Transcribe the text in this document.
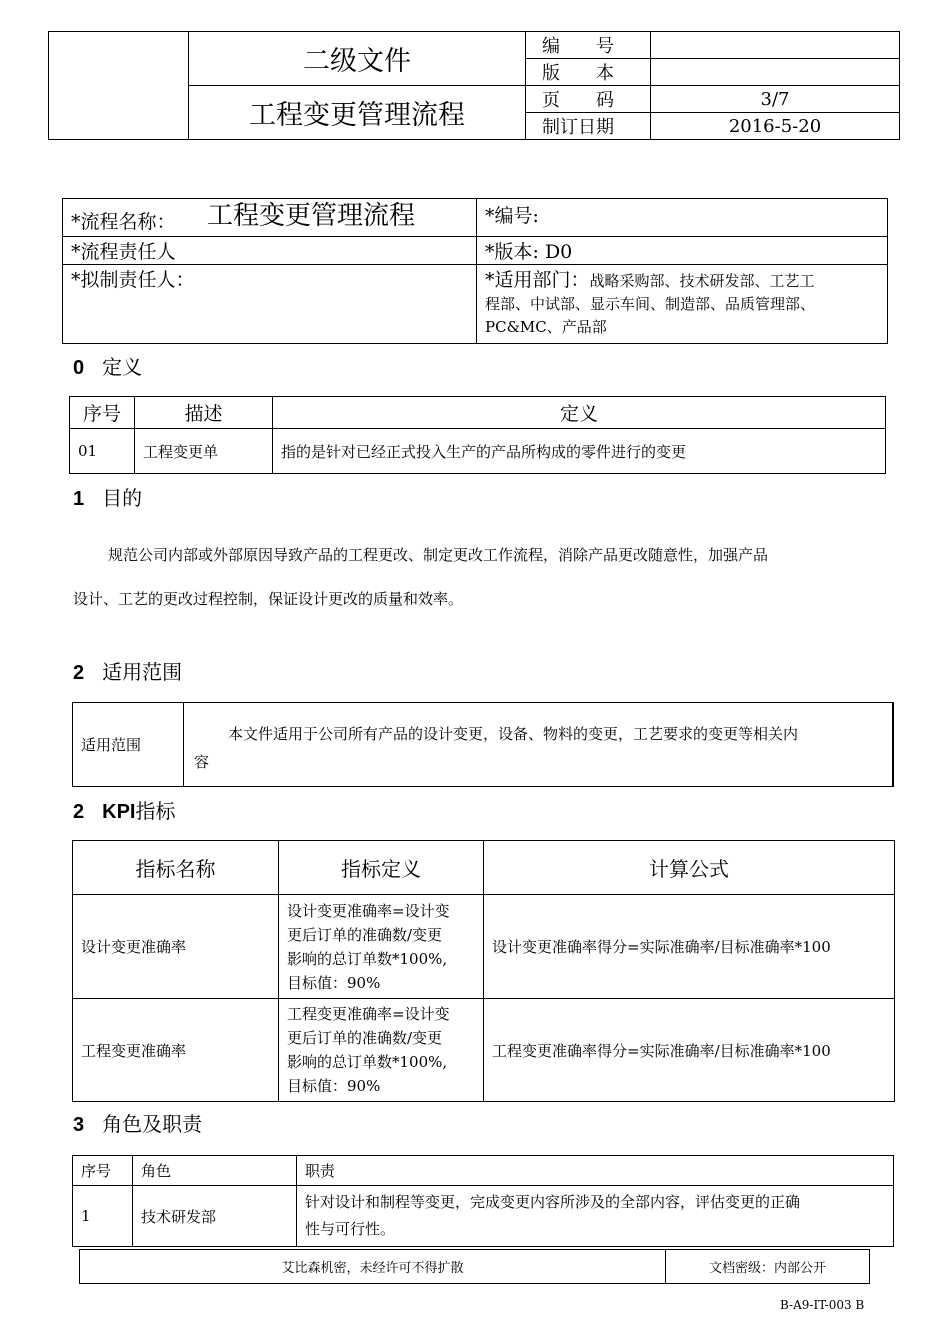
	二级文件	编　　号	
		版　　本	
	工程变更管理流程	页　　码	3/7
		制订日期	2016-5-20
*流程名称： 工程变更管理流程	*编号:
*流程责任人	*版本: D0
*拟制责任人：	*适用部门：战略采购部、技术研发部、工艺工
程部、中试部、显示车间、制造部、品质管理部、
PC&MC、产品部
0 定义
序号	描述	定义
01	工程变更单	指的是针对已经正式投入生产的产品所构成的零件进行的变更
1 目的
规范公司内部或外部原因导致产品的工程更改、制定更改工作流程，消除产品更改随意性，加强产品
设计、工艺的更改过程控制，保证设计更改的质量和效率。
2 适用范围
适用范围	
本文件适用于公司所有产品的设计变更，设备、物料的变更，工艺要求的变更等相关内
容
2 KPI指标
指标名称	指标定义	计算公式
设计变更准确率	设计变更准确率=设计变
更后订单的准确数/变更
影响的总订单数*100%,
目标值：90%	设计变更准确率得分=实际准确率/目标准确率*100
工程变更准确率	工程变更准确率=设计变
更后订单的准确数/变更
影响的总订单数*100%,
目标值：90%	工程变更准确率得分=实际准确率/目标准确率*100
3 角色及职责
序号	角色	职责
1	技术研发部	针对设计和制程等变更，完成变更内容所涉及的全部内容，评估变更的正确
性与可行性。
艾比森机密，未经许可不得扩散	文档密级：内部公开
B-A9-IT-003 B
